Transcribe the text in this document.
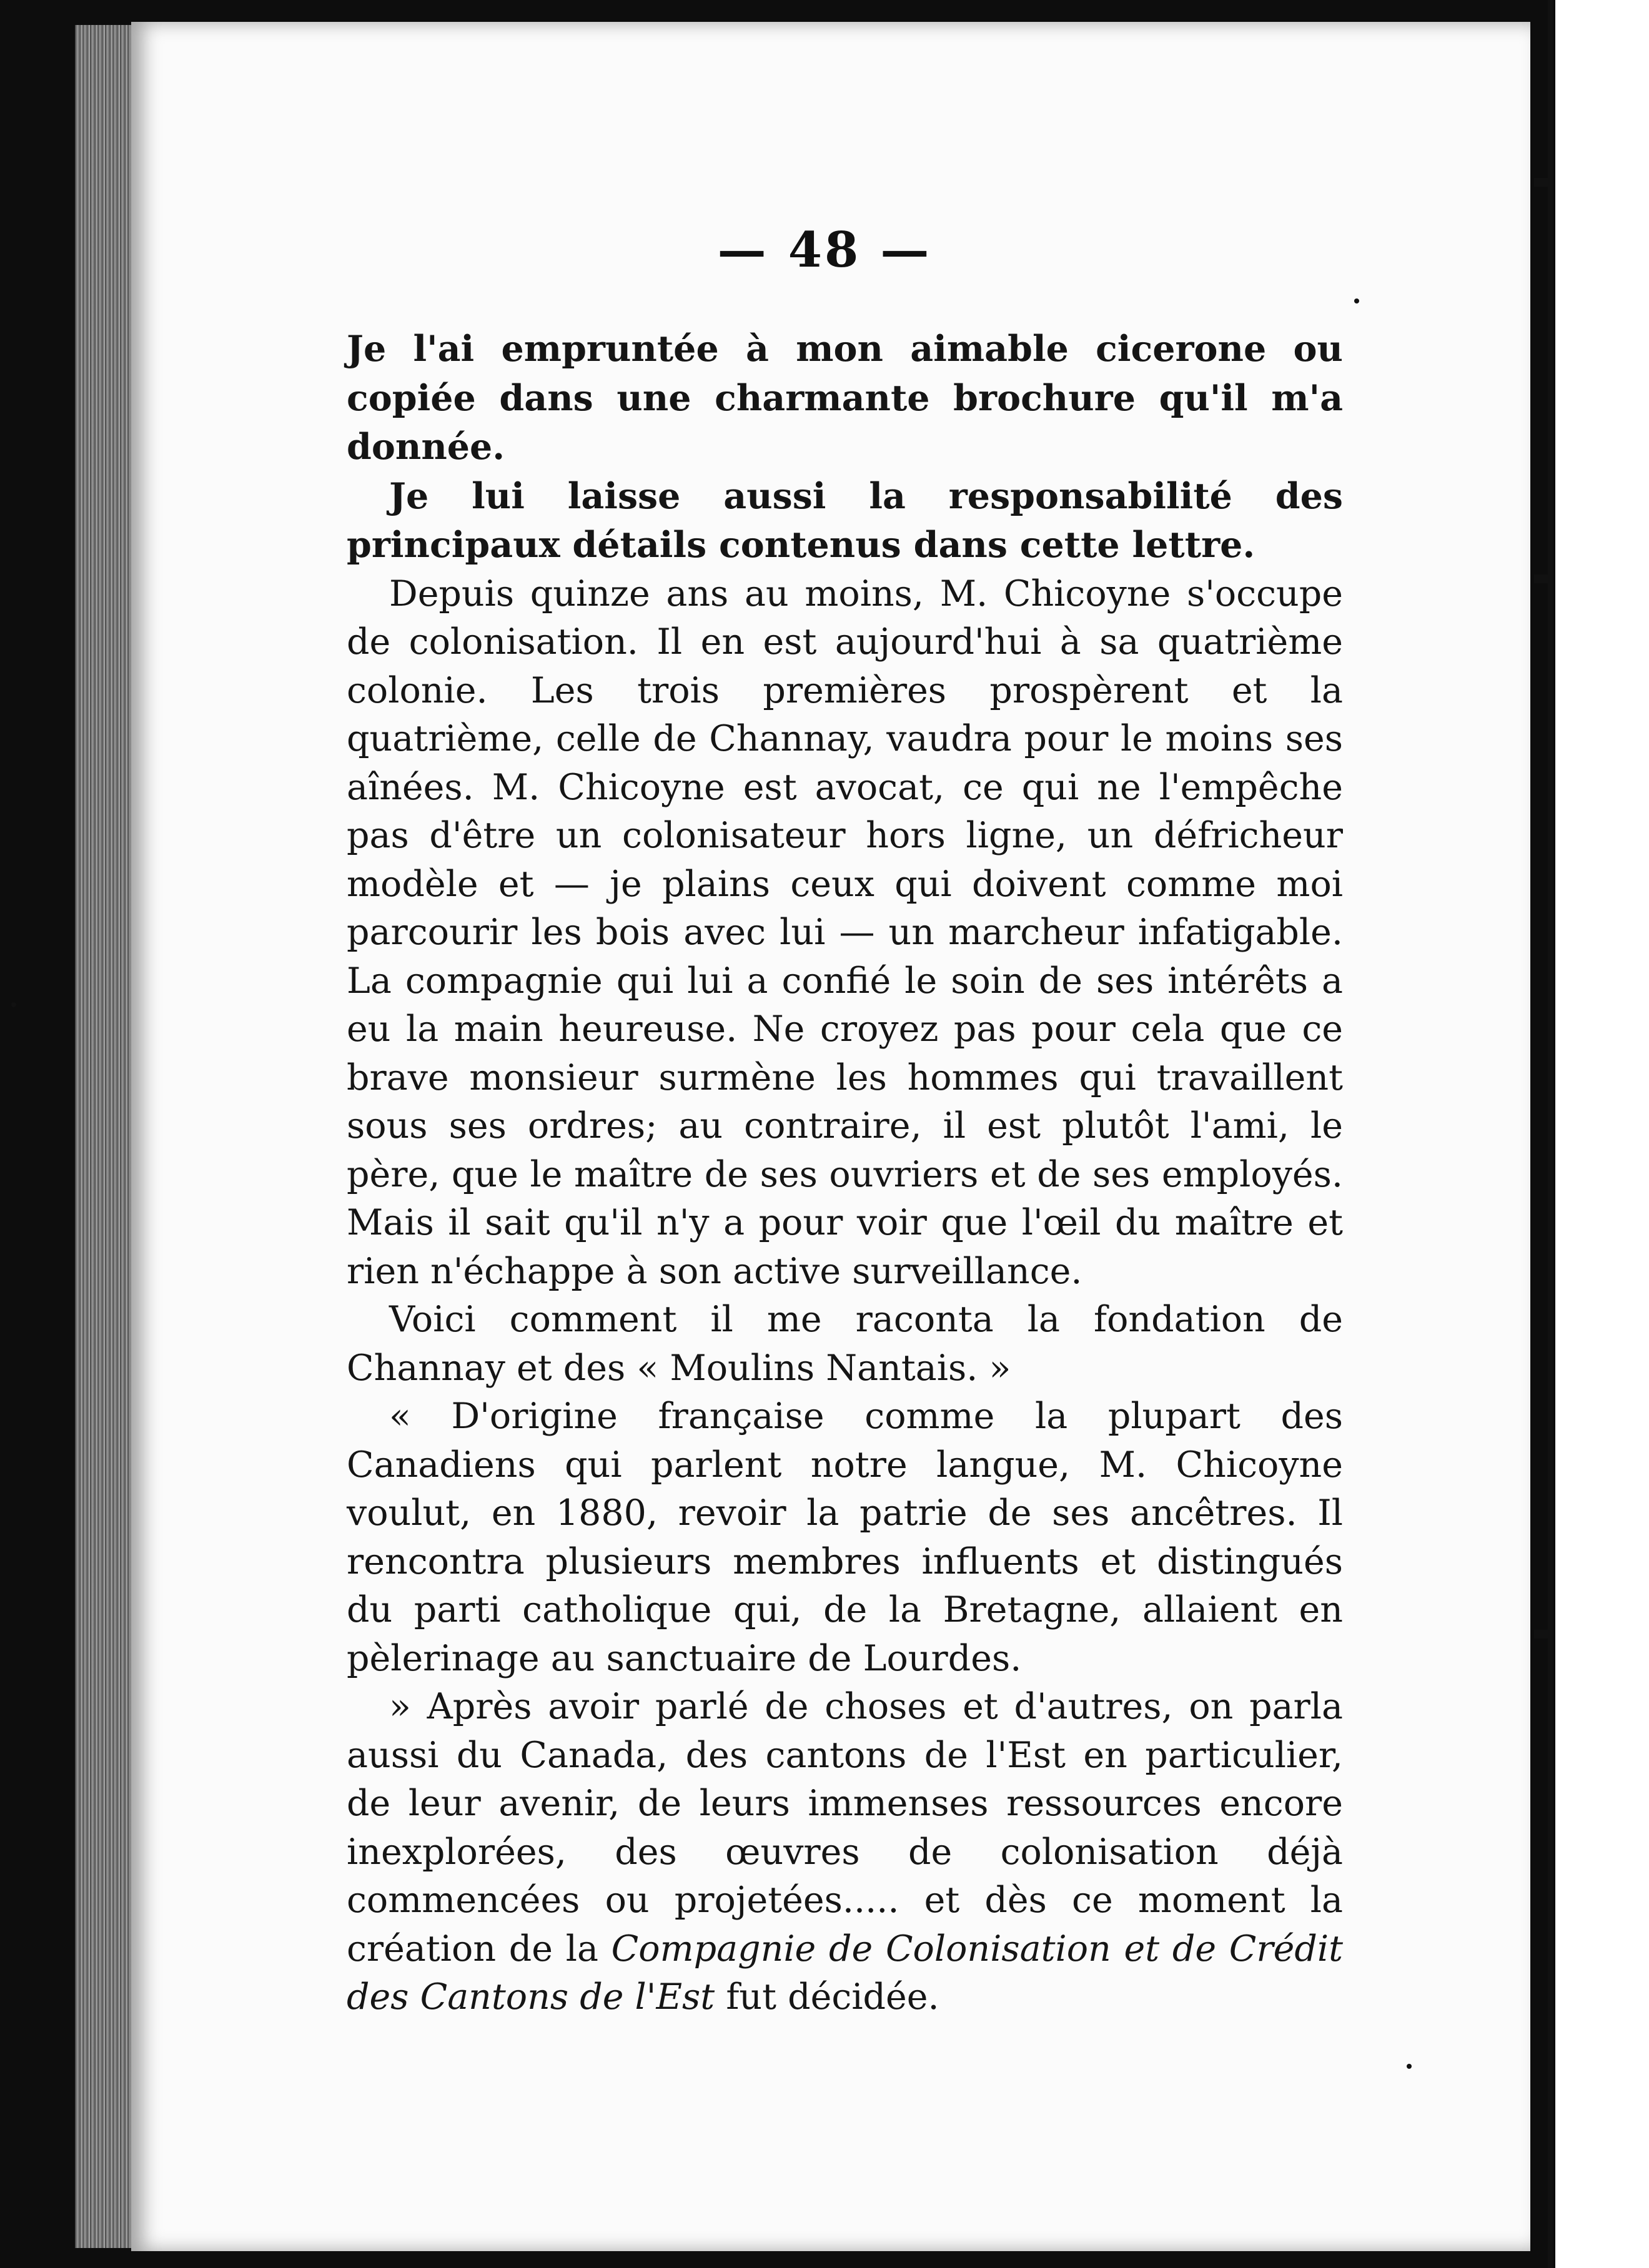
— 48 —

Je l'ai empruntée à mon aimable cicerone ou copiée dans une charmante brochure qu'il m'a donnée.

Je lui laisse aussi la responsabilité des principaux détails contenus dans cette lettre.

Depuis quinze ans au moins, M. Chicoyne s'occupe de colonisation. Il en est aujourd'hui à sa quatrième colonie. Les trois premières prospèrent et la quatrième, celle de Channay, vaudra pour le moins ses aînées. M. Chicoyne est avocat, ce qui ne l'empêche pas d'être un colonisateur hors ligne, un défricheur modèle et — je plains ceux qui doivent comme moi parcourir les bois avec lui — un marcheur infatigable. La compagnie qui lui a confié le soin de ses intérêts a eu la main heureuse. Ne croyez pas pour cela que ce brave monsieur surmène les hommes qui travaillent sous ses ordres; au contraire, il est plutôt l'ami, le père, que le maître de ses ouvriers et de ses employés. Mais il sait qu'il n'y a pour voir que l'œil du maître et rien n'échappe à son active surveillance.

Voici comment il me raconta la fondation de Channay et des « Moulins Nantais. »

« D'origine française comme la plupart des Canadiens qui parlent notre langue, M. Chicoyne voulut, en 1880, revoir la patrie de ses ancêtres. Il rencontra plusieurs membres influents et distingués du parti catholique qui, de la Bretagne, allaient en pèlerinage au sanctuaire de Lourdes.

» Après avoir parlé de choses et d'autres, on parla aussi du Canada, des cantons de l'Est en particulier, de leur avenir, de leurs immenses ressources encore inexplorées, des œuvres de colonisation déjà commencées ou projetées..... et dès ce moment la création de la Compagnie de Colonisation et de Crédit des Cantons de l'Est fut décidée.
